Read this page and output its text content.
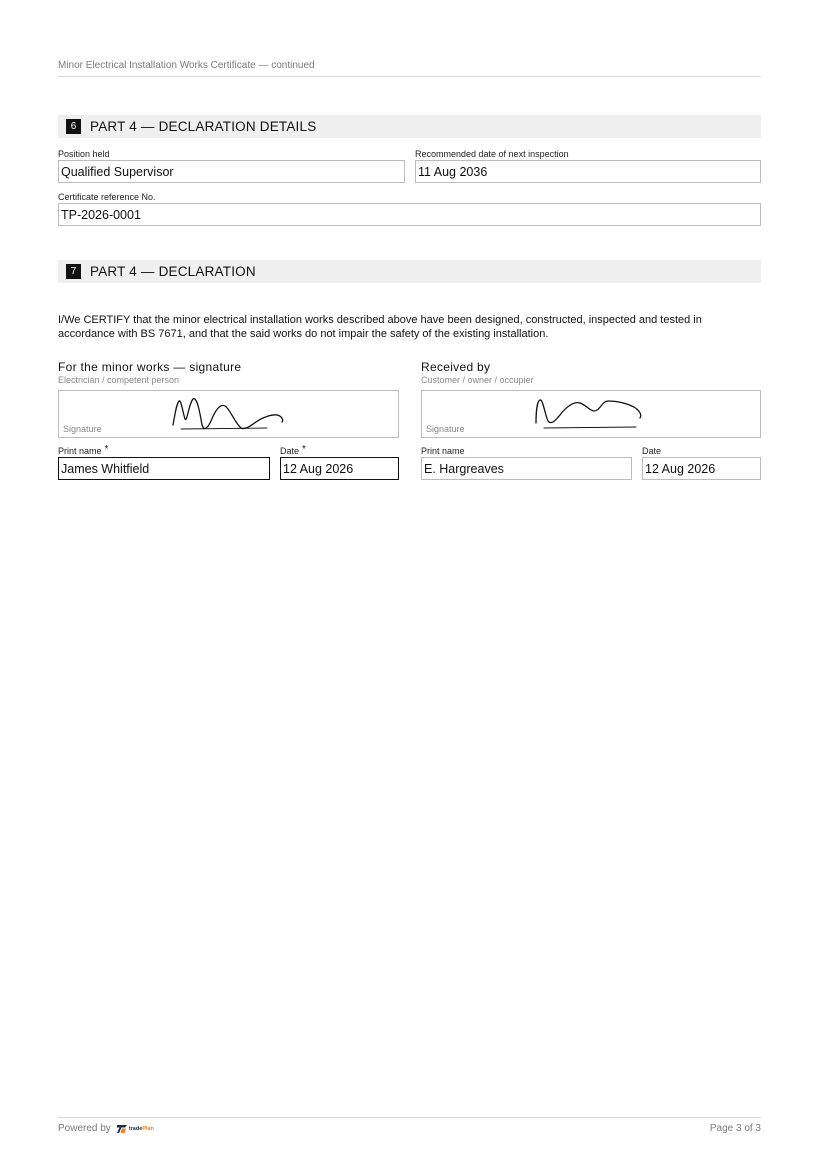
Minor Electrical Installation Works Certificate — continued
6	PART 4 — DECLARATION DETAILS
Position held
Qualified Supervisor
Recommended date of next inspection
11 Aug 2036
Certificate reference No.
TP-2026-0001
7	PART 4 — DECLARATION
I/We CERTIFY that the minor electrical installation works described above have been designed, constructed, inspected and tested in accordance with BS 7671, and that the said works do not impair the safety of the existing installation.
For the minor works — signature
Electrician / competent person
Signature
Print name *
James Whitfield
Date *
12 Aug 2026
Received by
Customer / owner / occupier
Signature
Print name
E. Hargreaves
Date
12 Aug 2026
Powered by	tradePlan	Page 3 of 3
